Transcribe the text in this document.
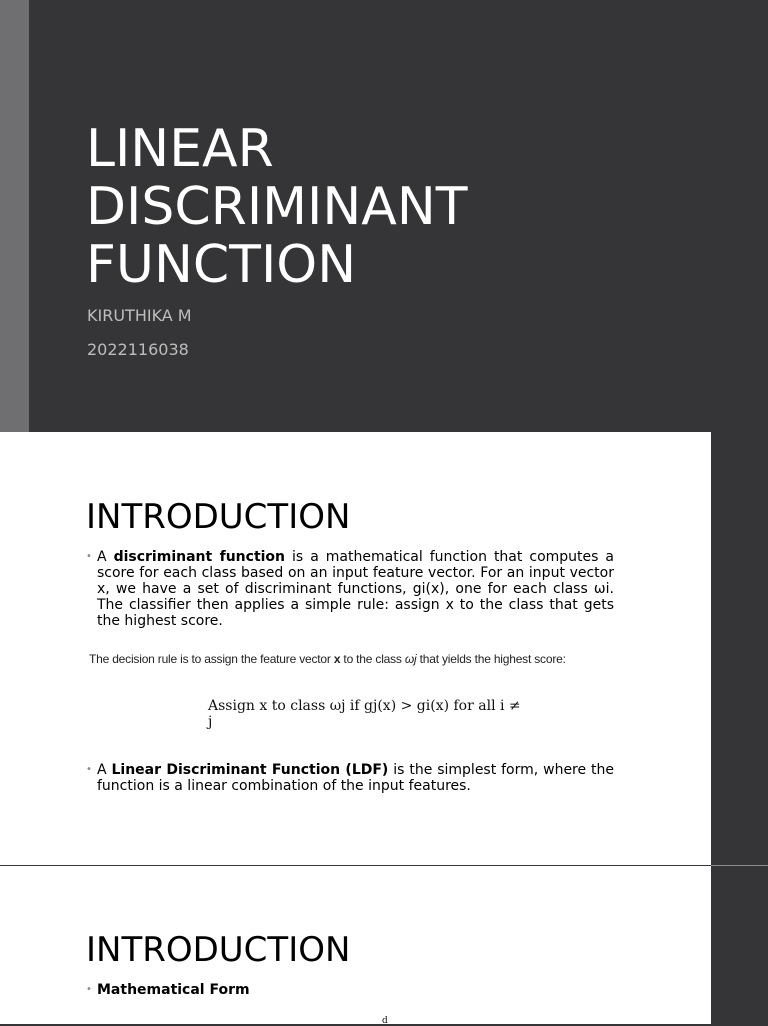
LINEAR
DISCRIMINANT
FUNCTION

KIRUTHIKA M

2022116038

INTRODUCTION
• A discriminant function is a mathematical function that computes a score for each class based on an input feature vector. For an input vector x, we have a set of discriminant functions, gi(x), one for each class ωi. The classifier then applies a simple rule: assign x to the class that gets the highest score.
The decision rule is to assign the feature vector x to the class ωj that yields the highest score:
Assign x to class ωj if gj(x) > gi(x) for all i ≠ j
• A Linear Discriminant Function (LDF) is the simplest form, where the function is a linear combination of the input features.
INTRODUCTION
• Mathematical Form
d
